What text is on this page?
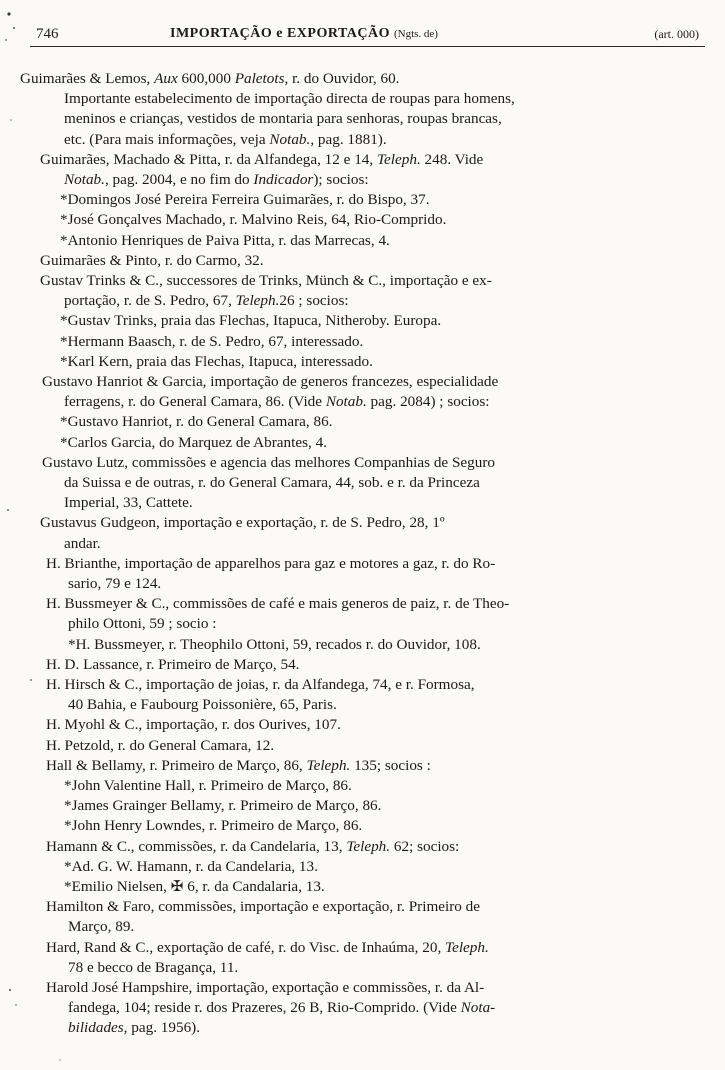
746	IMPORTAÇÃO e EXPORTAÇÃO (Ngts. de)	(art. 000)
Guimarães & Lemos, Aux 600,000 Paletots, r. do Ouvidor, 60.
Importante estabelecimento de importação directa de roupas para homens,
meninos e crianças, vestidos de montaria para senhoras, roupas brancas,
etc. (Para mais informações, veja Notab., pag. 1881).
Guimarães, Machado & Pitta, r. da Alfandega, 12 e 14, Teleph. 248. Vide
Notab., pag. 2004, e no fim do Indicador); socios:
*Domingos José Pereira Ferreira Guimarães, r. do Bispo, 37.
*José Gonçalves Machado, r. Malvino Reis, 64, Rio-Comprido.
*Antonio Henriques de Paiva Pitta, r. das Marrecas, 4.
Guimarães & Pinto, r. do Carmo, 32.
Gustav Trinks & C., successores de Trinks, Münch & C., importação e ex-
portação, r. de S. Pedro, 67, Teleph.26 ; socios:
*Gustav Trinks, praia das Flechas, Itapuca, Nitheroby. Europa.
*Hermann Baasch, r. de S. Pedro, 67, interessado.
*Karl Kern, praia das Flechas, Itapuca, interessado.
Gustavo Hanriot & Garcia, importação de generos francezes, especialidade
ferragens, r. do General Camara, 86. (Vide Notab. pag. 2084) ; socios:
*Gustavo Hanriot, r. do General Camara, 86.
*Carlos Garcia, do Marquez de Abrantes, 4.
Gustavo Lutz, commissões e agencia das melhores Companhias de Seguro
da Suissa e de outras, r. do General Camara, 44, sob. e r. da Princeza
Imperial, 33, Cattete.
Gustavus Gudgeon, importação e exportação, r. de S. Pedro, 28, 1º
andar.
H. Brianthe, importação de apparelhos para gaz e motores a gaz, r. do Ro-
sario, 79 e 124.
H. Bussmeyer & C., commissões de café e mais generos de paiz, r. de Theo-
philo Ottoni, 59 ; socio :
*H. Bussmeyer, r. Theophilo Ottoni, 59, recados r. do Ouvidor, 108.
H. D. Lassance, r. Primeiro de Março, 54.
H. Hirsch & C., importação de joias, r. da Alfandega, 74, e r. Formosa,
40 Bahia, e Faubourg Poissonière, 65, Paris.
H. Myohl & C., importação, r. dos Ourives, 107.
H. Petzold, r. do General Camara, 12.
Hall & Bellamy, r. Primeiro de Março, 86, Teleph. 135; socios :
*John Valentine Hall, r. Primeiro de Março, 86.
*James Grainger Bellamy, r. Primeiro de Março, 86.
*John Henry Lowndes, r. Primeiro de Março, 86.
Hamann & C., commissões, r. da Candelaria, 13, Teleph. 62; socios:
*Ad. G. W. Hamann, r. da Candelaria, 13.
*Emilio Nielsen, ✠ 6, r. da Candalaria, 13.
Hamilton & Faro, commissões, importação e exportação, r. Primeiro de
Março, 89.
Hard, Rand & C., exportação de café, r. do Visc. de Inhaúma, 20, Teleph.
78 e becco de Bragança, 11.
Harold José Hampshire, importação, exportação e commissões, r. da Al-
fandega, 104; reside r. dos Prazeres, 26 B, Rio-Comprido. (Vide Nota-
bilidades, pag. 1956).
